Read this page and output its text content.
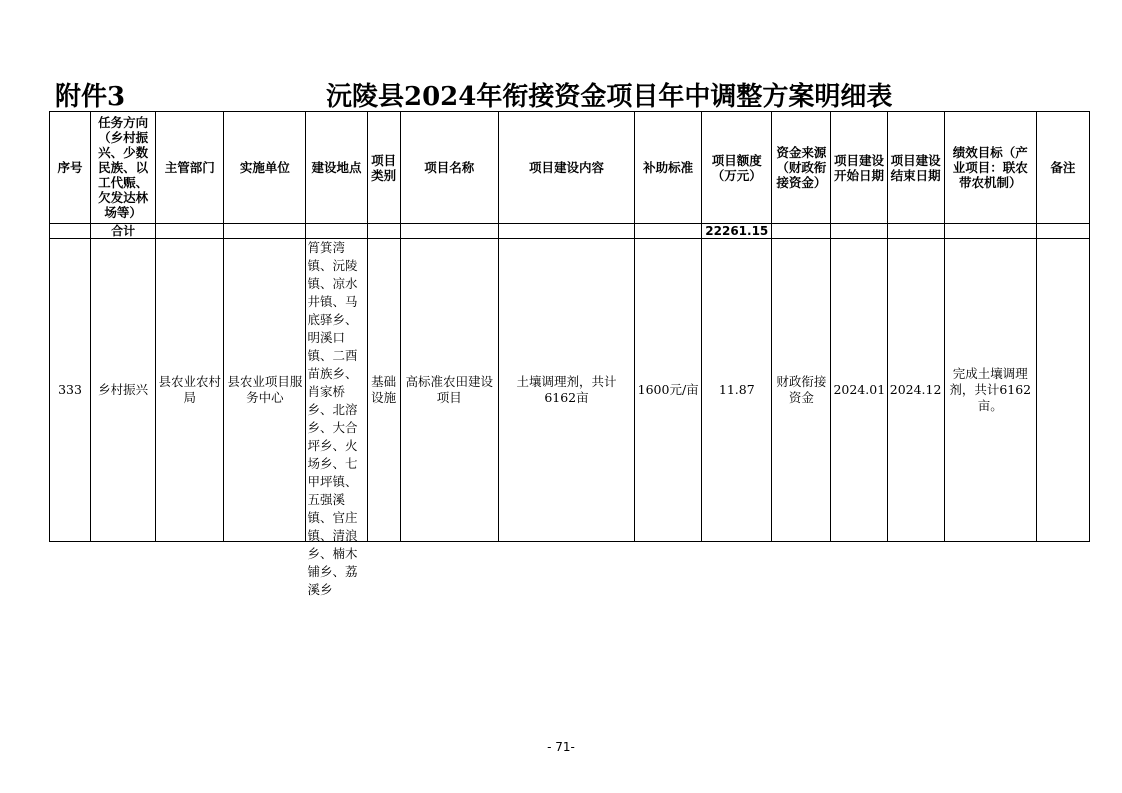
附件3	沅陵县2024年衔接资金项目年中调整方案明细表
序号	任务方向（乡村振兴、少数民族、以工代赈、欠发达林场等）	主管部门	实施单位	建设地点	项目类别	项目名称	项目建设内容	补助标准	项目额度（万元）	资金来源（财政衔接资金）	项目建设开始日期	项目建设结束日期	绩效目标（产业项目：联农带农机制）	备注
	合计								22261.15					
333	乡村振兴	县农业农村局	县农业项目服务中心	筲箕湾镇、沅陵镇、凉水井镇、马底驿乡、明溪口镇、二酉苗族乡、肖家桥乡、北溶乡、大合坪乡、火场乡、七甲坪镇、五强溪镇、官庄镇、清浪乡、楠木铺乡、荔溪乡	基础设施	高标准农田建设项目	土壤调理剂，共计6162亩	1600元/亩	11.87	财政衔接资金	2024.01	2024.12	完成土壤调理剂，共计6162亩。	
- 71-
